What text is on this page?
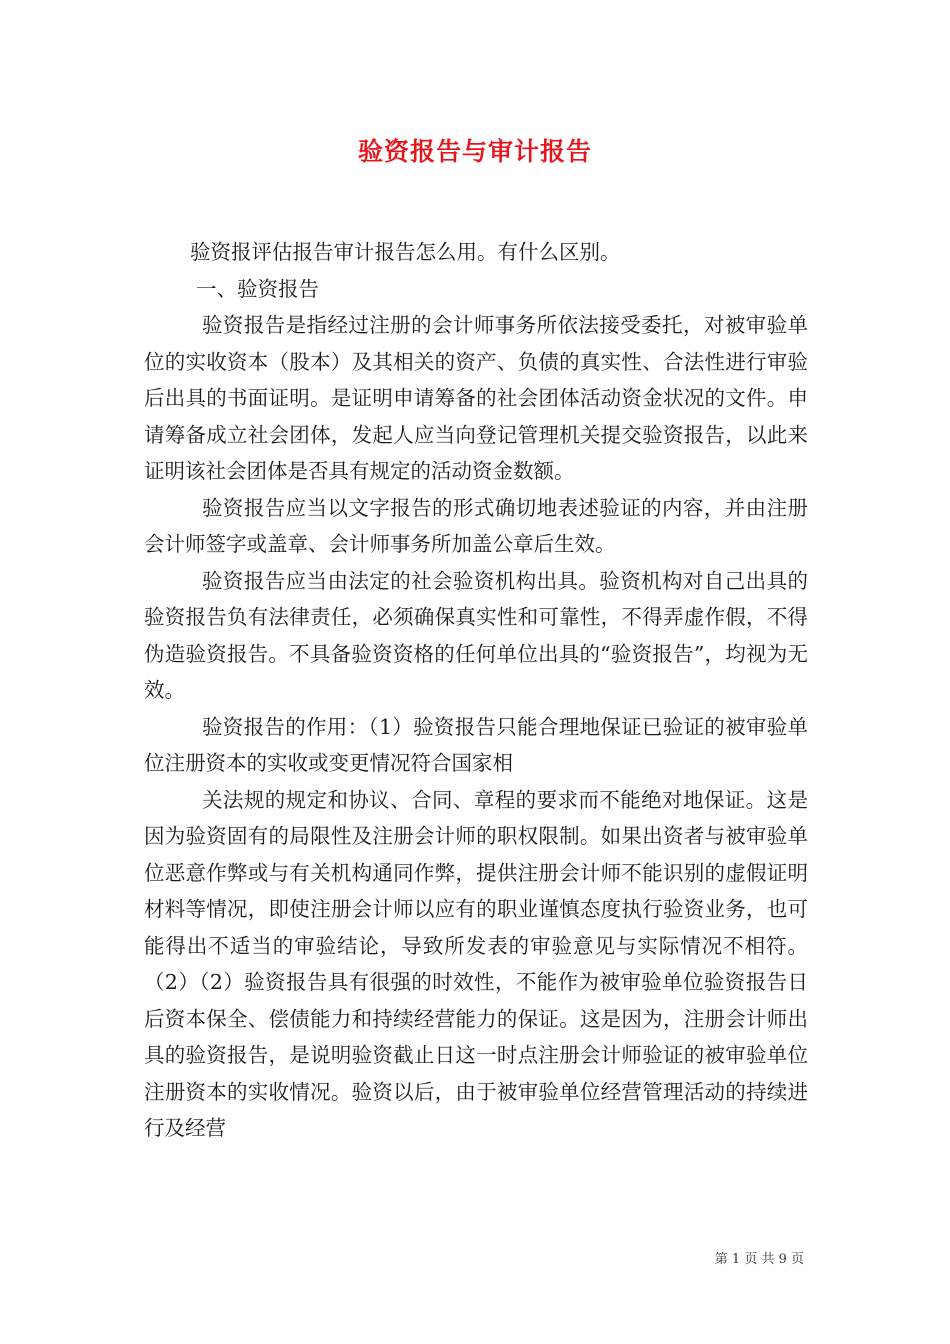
验资报告与审计报告

验资报评估报告审计报告怎么用。有什么区别。

一、验资报告

验资报告是指经过注册的会计师事务所依法接受委托，对被审验单位的实收资本（股本）及其相关的资产、负债的真实性、合法性进行审验后出具的书面证明。是证明申请筹备的社会团体活动资金状况的文件。申请筹备成立社会团体，发起人应当向登记管理机关提交验资报告，以此来证明该社会团体是否具有规定的活动资金数额。

验资报告应当以文字报告的形式确切地表述验证的内容，并由注册会计师签字或盖章、会计师事务所加盖公章后生效。

验资报告应当由法定的社会验资机构出具。验资机构对自己出具的验资报告负有法律责任，必须确保真实性和可靠性，不得弄虚作假，不得伪造验资报告。不具备验资资格的任何单位出具的“验资报告”，均视为无效。

验资报告的作用：（1）验资报告只能合理地保证已验证的被审验单位注册资本的实收或变更情况符合国家相

关法规的规定和协议、合同、章程的要求而不能绝对地保证。这是因为验资固有的局限性及注册会计师的职权限制。如果出资者与被审验单位恶意作弊或与有关机构通同作弊，提供注册会计师不能识别的虚假证明材料等情况，即使注册会计师以应有的职业谨慎态度执行验资业务，也可能得出不适当的审验结论，导致所发表的审验意见与实际情况不相符。（2）（2）验资报告具有很强的时效性，不能作为被审验单位验资报告日后资本保全、偿债能力和持续经营能力的保证。这是因为，注册会计师出具的验资报告，是说明验资截止日这一时点注册会计师验证的被审验单位注册资本的实收情况。验资以后，由于被审验单位经营管理活动的持续进行及经营

第 1 页 共 9 页
